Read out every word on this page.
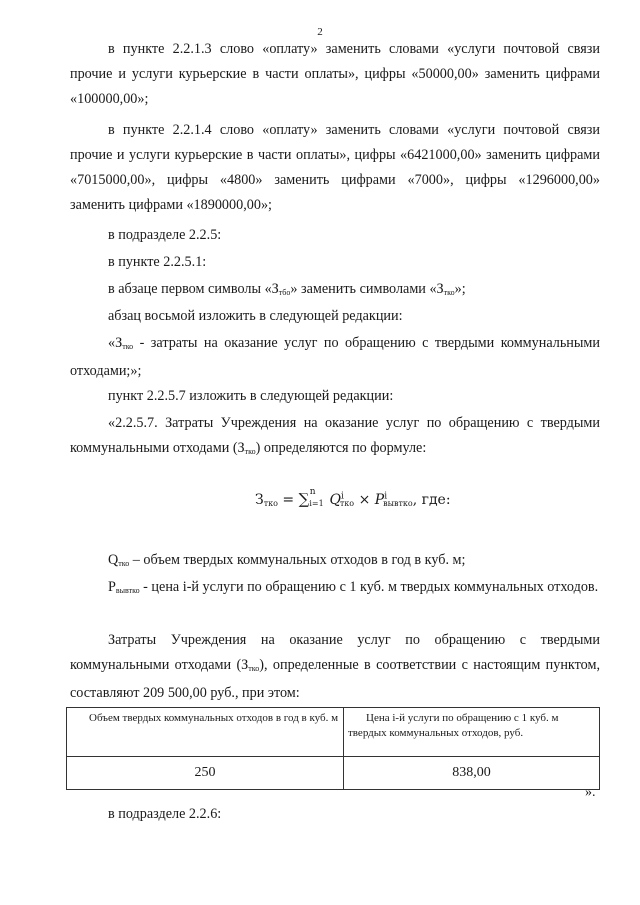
2

в пункте 2.2.1.3 слово «оплату» заменить словами «услуги почтовой связи прочие и услуги курьерские в части оплаты», цифры «50000,00» заменить цифрами «100000,00»;

в пункте 2.2.1.4 слово «оплату» заменить словами «услуги почтовой связи прочие и услуги курьерские в части оплаты», цифры «6421000,00» заменить цифрами «7015000,00», цифры «4800» заменить цифрами «7000», цифры «1296000,00» заменить цифрами «1890000,00»;

в подразделе 2.2.5:
в пункте 2.2.5.1:
в абзаце первом символы «$З_{тбо}$» заменить символами «$З_{тко}$»;
абзац восьмой изложить в следующей редакции:

«$З_{тко}$ - затраты на оказание услуг по обращению с твердыми коммунальными отходами;»;

пункт 2.2.5.7 изложить в следующей редакции:

«2.2.5.7. Затраты Учреждения на оказание услуг по обращению с твердыми коммунальными отходами $(З_{тко})$ определяются по формуле:

$З_{тко} = \sum_{i=1}^n$ $Q^i_{тко} \times P^i_{вывтко}$, где:
$Q_{тко}$ – объем твердых коммунальных отходов в год в куб. м;

$P_{вывтко}$ - цена i-й услуги по обращению с 1 куб. м твердых коммунальных отходов.

Затраты Учреждения на оказание услуг по обращению с твердыми коммунальными отходами $(З_{тко})$, определенные в соответствии с настоящим пунктом, составляют 209 500,00 руб., при этом:

Объем твердых коммунальных отходов в год в куб. м	Цена i-й услуги по обращению с 1 куб. м твердых коммунальных отходов, руб.
250	838,00
».
в подразделе 2.2.6:
